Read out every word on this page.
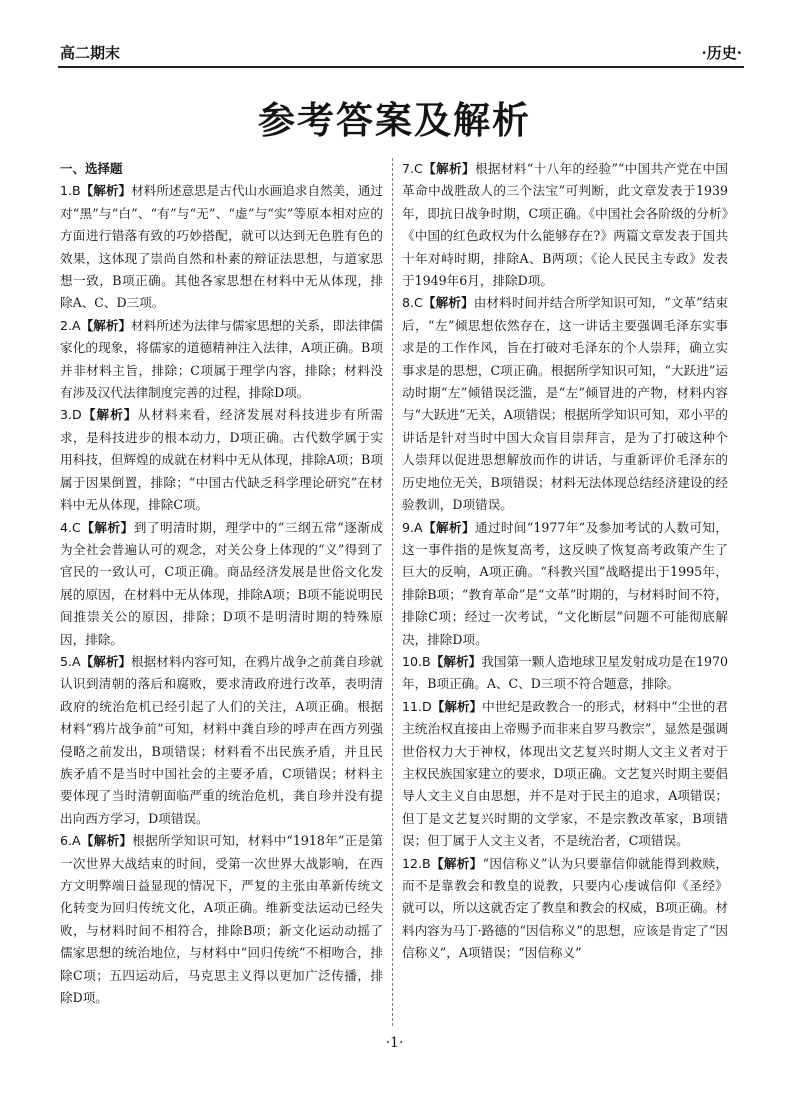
高二期末	·历史·
参考答案及解析
一、选择题
1.B【解析】材料所述意思是古代山水画追求自然美，通过对“黑”与“白”、“有”与“无”、“虚”与“实”等原本相对应的方面进行错落有致的巧妙搭配，就可以达到无色胜有色的效果，这体现了崇尚自然和朴素的辩证法思想，与道家思想一致，B项正确。其他各家思想在材料中无从体现，排除A、C、D三项。
2.A【解析】材料所述为法律与儒家思想的关系，即法律儒家化的现象，将儒家的道德精神注入法律，A项正确。B项并非材料主旨，排除；C项属于理学内容，排除；材料没有涉及汉代法律制度完善的过程，排除D项。
3.D【解析】从材料来看，经济发展对科技进步有所需求，是科技进步的根本动力，D项正确。古代数学属于实用科技，但辉煌的成就在材料中无从体现，排除A项；B项属于因果倒置，排除；“中国古代缺乏科学理论研究”在材料中无从体现，排除C项。
4.C【解析】到了明清时期，理学中的“三纲五常”逐渐成为全社会普遍认可的观念，对关公身上体现的“义”得到了官民的一致认可，C项正确。商品经济发展是世俗文化发展的原因，在材料中无从体现，排除A项；B项不能说明民间推崇关公的原因，排除；D项不是明清时期的特殊原因，排除。
5.A【解析】根据材料内容可知，在鸦片战争之前龚自珍就认识到清朝的落后和腐败，要求清政府进行改革，表明清政府的统治危机已经引起了人们的关注，A项正确。根据材料“鸦片战争前”可知，材料中龚自珍的呼声在西方列强侵略之前发出，B项错误；材料看不出民族矛盾，并且民族矛盾不是当时中国社会的主要矛盾，C项错误；材料主要体现了当时清朝面临严重的统治危机，龚自珍并没有提出向西方学习，D项错误。
6.A【解析】根据所学知识可知，材料中“1918年”正是第一次世界大战结束的时间，受第一次世界大战影响，在西方文明弊端日益显现的情况下，严复的主张由革新传统文化转变为回归传统文化，A项正确。维新变法运动已经失败，与材料时间不相符合，排除B项；新文化运动动摇了儒家思想的统治地位，与材料中“回归传统”不相吻合，排除C项；五四运动后，马克思主义得以更加广泛传播，排除D项。
7.C【解析】根据材料“十八年的经验”“中国共产党在中国革命中战胜敌人的三个法宝”可判断，此文章发表于1939年，即抗日战争时期，C项正确。《中国社会各阶级的分析》《中国的红色政权为什么能够存在?》两篇文章发表于国共十年对峙时期，排除A、B两项；《论人民民主专政》发表于1949年6月，排除D项。
8.C【解析】由材料时间并结合所学知识可知，“文革”结束后，“左”倾思想依然存在，这一讲话主要强调毛泽东实事求是的工作作风，旨在打破对毛泽东的个人崇拜，确立实事求是的思想，C项正确。根据所学知识可知，“大跃进”运动时期“左”倾错误泛滥，是“左”倾冒进的产物，材料内容与“大跃进”无关，A项错误；根据所学知识可知，邓小平的讲话是针对当时中国大众盲目崇拜言，是为了打破这种个人崇拜以促进思想解放而作的讲话，与重新评价毛泽东的历史地位无关，B项错误；材料无法体现总结经济建设的经验教训，D项错误。
9.A【解析】通过时间“1977年”及参加考试的人数可知，这一事件指的是恢复高考，这反映了恢复高考政策产生了巨大的反响，A项正确。“科教兴国”战略提出于1995年，排除B项；“教育革命”是“文革”时期的，与材料时间不符，排除C项；经过一次考试，“文化断层”问题不可能彻底解决，排除D项。
10.B【解析】我国第一颗人造地球卫星发射成功是在1970年，B项正确。A、C、D三项不符合题意，排除。
11.D【解析】中世纪是政教合一的形式，材料中“尘世的君主统治权直接由上帝赐予而非来自罗马教宗”，显然是强调世俗权力大于神权，体现出文艺复兴时期人文主义者对于主权民族国家建立的要求，D项正确。文艺复兴时期主要倡导人文主义自由思想，并不是对于民主的追求，A项错误；但丁是文艺复兴时期的文学家，不是宗教改革家，B项错误；但丁属于人文主义者，不是统治者，C项错误。
12.B【解析】“因信称义”认为只要靠信仰就能得到救赎，而不是靠教会和教皇的说教，只要内心虔诚信仰《圣经》就可以，所以这就否定了教皇和教会的权威，B项正确。材料内容为马丁·路德的“因信称义”的思想，应该是肯定了“因信称义”，A项错误；“因信称义”
·1·
